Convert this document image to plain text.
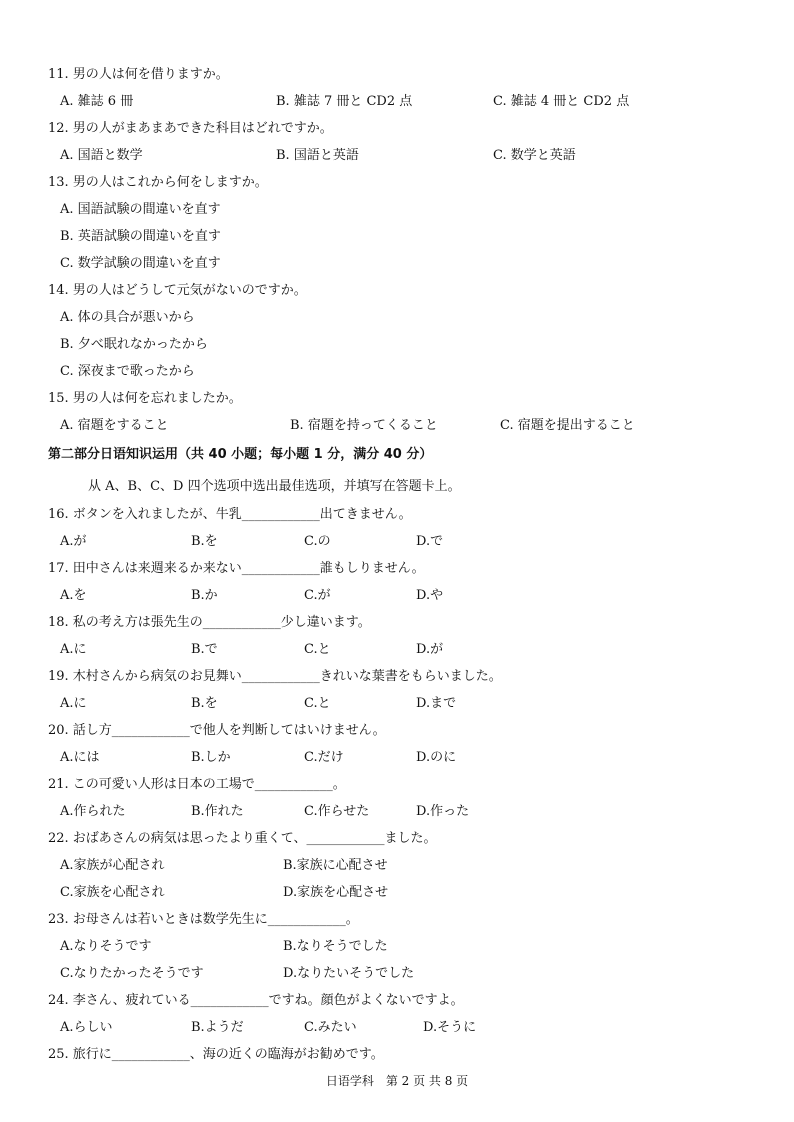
11. 男の人は何を借りますか。
A. 雑誌 6 冊	B. 雑誌 7 冊と CD2 点	C. 雑誌 4 冊と CD2 点
12. 男の人がまあまあできた科目はどれですか。
A. 国語と数学	B. 国語と英語	C. 数学と英語
13. 男の人はこれから何をしますか。
A. 国語試験の間違いを直す
B. 英語試験の間違いを直す
C. 数学試験の間違いを直す
14. 男の人はどうして元気がないのですか。
A. 体の具合が悪いから
B. 夕べ眠れなかったから
C. 深夜まで歌ったから
15. 男の人は何を忘れましたか。
A. 宿題をすること	B. 宿題を持ってくること	C. 宿題を提出すること
第二部分日语知识运用（共 40 小题；每小题 1 分，满分 40 分）
从 A、B、C、D 四个选项中选出最佳选项，并填写在答题卡上。
16. ボタンを入れましたが、牛乳____________出てきません。
A.が	B.を	C.の	D.で
17. 田中さんは来週来るか来ない____________誰もしりません。
A.を	B.か	C.が	D.や
18. 私の考え方は張先生の____________少し違います。
A.に	B.で	C.と	D.が
19. 木村さんから病気のお見舞い____________きれいな葉書をもらいました。
A.に	B.を	C.と	D.まで
20. 話し方____________で他人を判断してはいけません。
A.には	B.しか	C.だけ	D.のに
21. この可愛い人形は日本の工場で____________。
A.作られた	B.作れた	C.作らせた	D.作った
22. おばあさんの病気は思ったより重くて、____________ました。
A.家族が心配され	B.家族に心配させ
C.家族を心配され	D.家族を心配させ
23. お母さんは若いときは数学先生に____________。
A.なりそうです	B.なりそうでした
C.なりたかったそうです	D.なりたいそうでした
24. 李さん、疲れている____________ですね。顔色がよくないですよ。
A.らしい	B.ようだ	C.みたい	D.そうに
25. 旅行に____________、海の近くの臨海がお勧めです。
日语学科　第 2 页 共 8 页
